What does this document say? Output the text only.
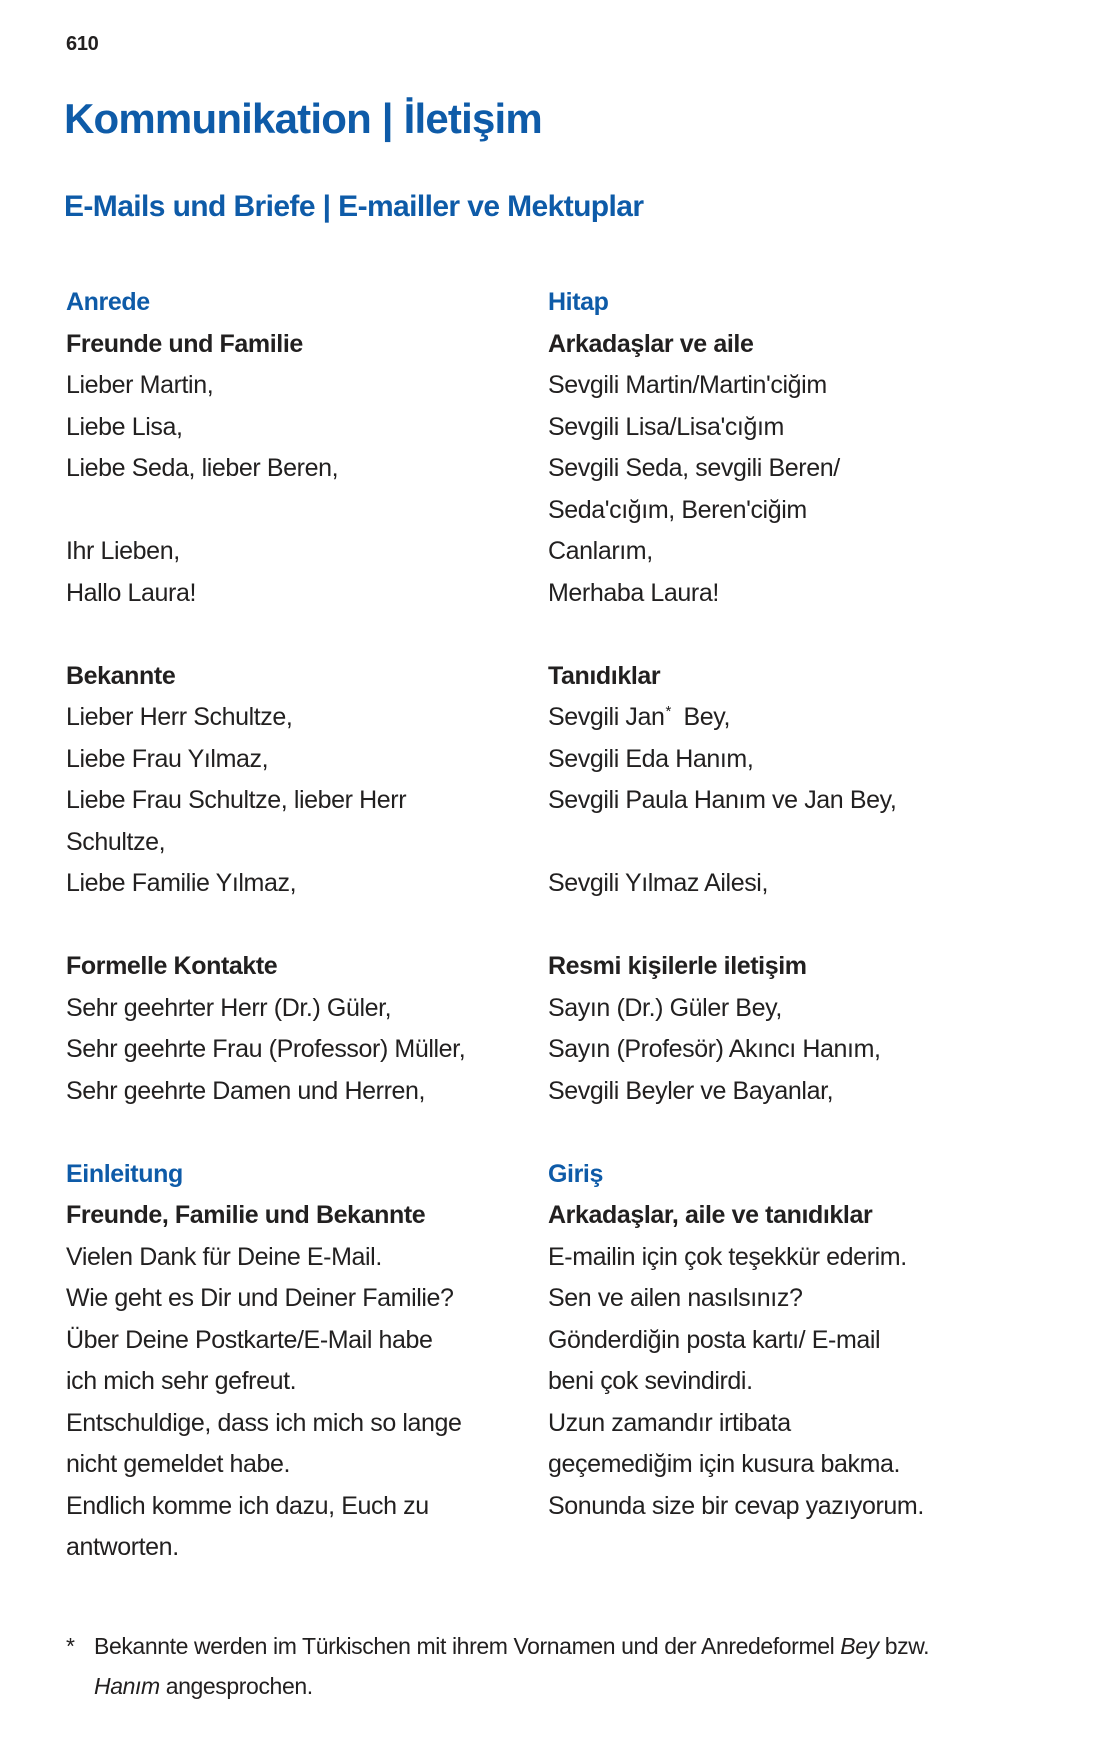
610
Kommunikation | İletişim
E-Mails und Briefe | E-mailler ve Mektuplar
Anrede
Freunde und Familie
Lieber Martin,
Liebe Lisa,
Liebe Seda, lieber Beren,

Ihr Lieben,
Hallo Laura!

Bekannte
Lieber Herr Schultze,
Liebe Frau Yılmaz,
Liebe Frau Schultze, lieber Herr
Schultze,
Liebe Familie Yılmaz,

Formelle Kontakte
Sehr geehrter Herr (Dr.) Güler,
Sehr geehrte Frau (Professor) Müller,
Sehr geehrte Damen und Herren,

Einleitung
Freunde, Familie und Bekannte
Vielen Dank für Deine E-Mail.
Wie geht es Dir und Deiner Familie?
Über Deine Postkarte/E-Mail habe
ich mich sehr gefreut.
Entschuldige, dass ich mich so lange
nicht gemeldet habe.
Endlich komme ich dazu, Euch zu
antworten.
Hitap
Arkadaşlar ve aile
Sevgili Martin/Martin'ciğim
Sevgili Lisa/Lisa'cığım
Sevgili Seda, sevgili Beren/
Seda'cığım, Beren'ciğim
Canlarım,
Merhaba Laura!

Tanıdıklar
Sevgili Jan* Bey,
Sevgili Eda Hanım,
Sevgili Paula Hanım ve Jan Bey,

Sevgili Yılmaz Ailesi,

Resmi kişilerle iletişim
Sayın (Dr.) Güler Bey,
Sayın (Profesör) Akıncı Hanım,
Sevgili Beyler ve Bayanlar,

Giriş
Arkadaşlar, aile ve tanıdıklar
E-mailin için çok teşekkür ederim.
Sen ve ailen nasılsınız?
Gönderdiğin posta kartı/ E-mail
beni çok sevindirdi.
Uzun zamandır irtibata
geçemediğim için kusura bakma.
Sonunda size bir cevap yazıyorum.

* Bekannte werden im Türkischen mit ihrem Vornamen und der Anredeformel Bey bzw.
Hanım angesprochen.
